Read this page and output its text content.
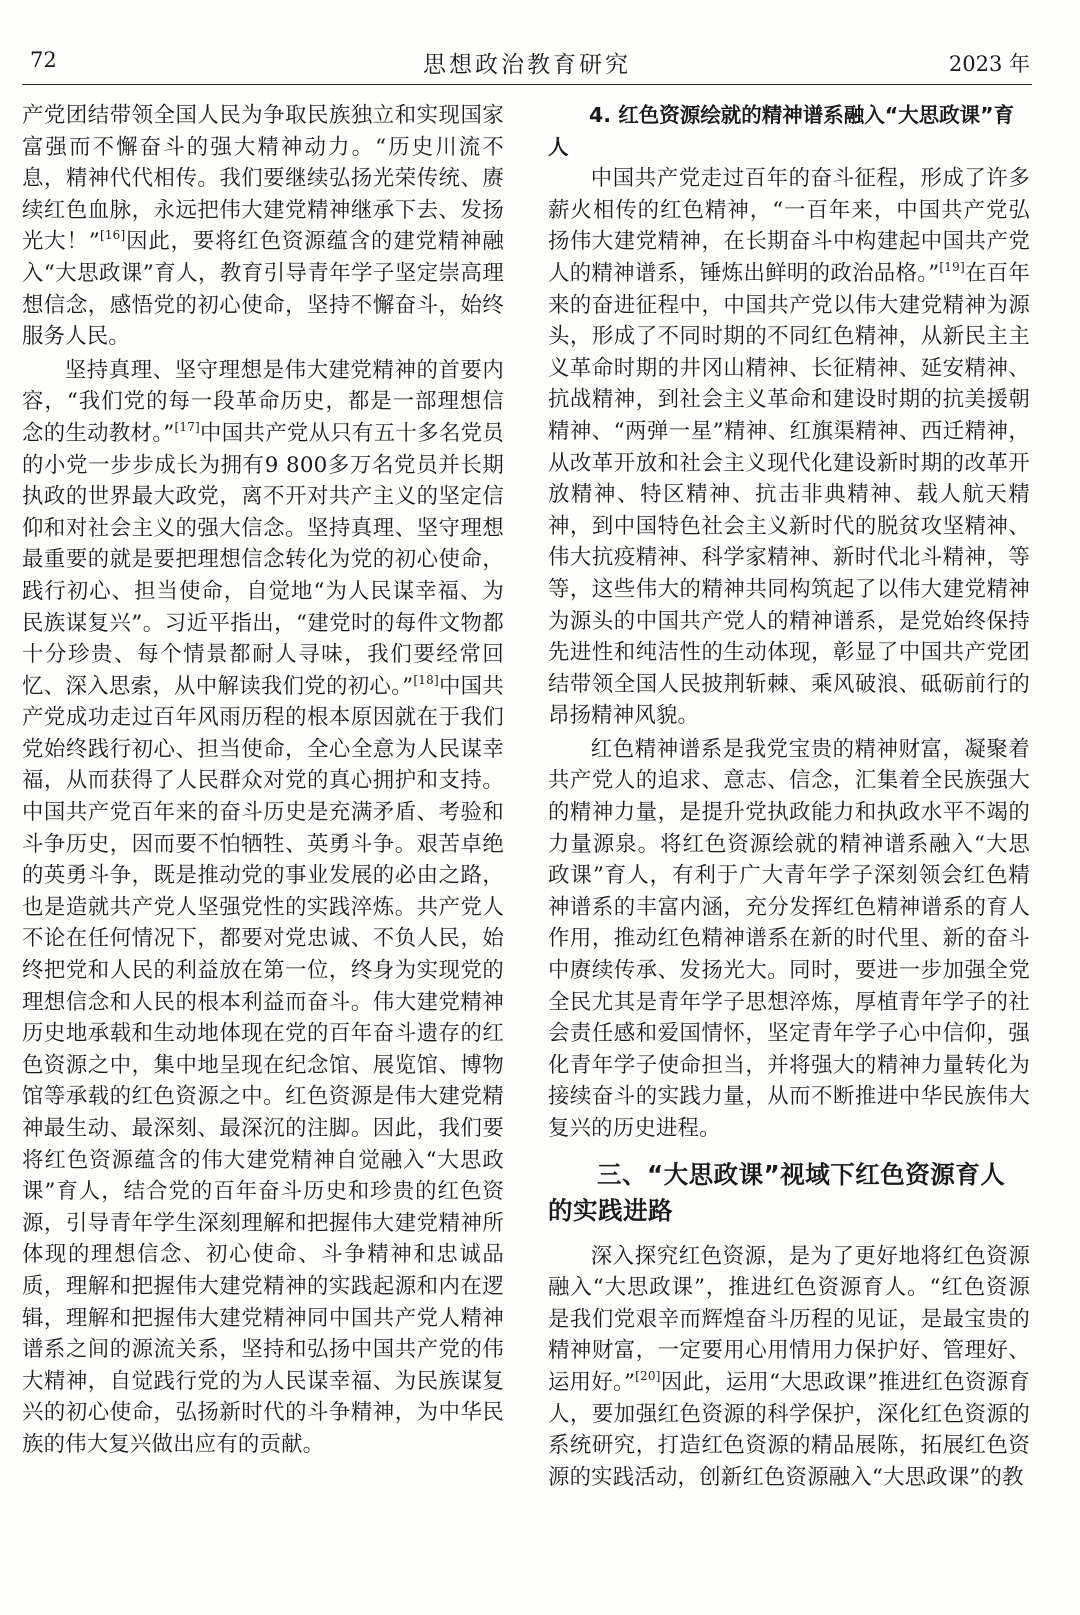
72	思想政治教育研究	2023 年

产党团结带领全国人民为争取民族独立和实现国家富强而不懈奋斗的强大精神动力。“历史川流不息，精神代代相传。我们要继续弘扬光荣传统、赓续红色血脉，永远把伟大建党精神继承下去、发扬光大！”[16]因此，要将红色资源蕴含的建党精神融入“大思政课”育人，教育引导青年学子坚定崇高理想信念，感悟党的初心使命，坚持不懈奋斗，始终服务人民。

坚持真理、坚守理想是伟大建党精神的首要内容，“我们党的每一段革命历史，都是一部理想信念的生动教材。”[17]中国共产党从只有五十多名党员的小党一步步成长为拥有9 800多万名党员并长期执政的世界最大政党，离不开对共产主义的坚定信仰和对社会主义的强大信念。坚持真理、坚守理想最重要的就是要把理想信念转化为党的初心使命，践行初心、担当使命，自觉地“为人民谋幸福、为民族谋复兴”。习近平指出，“建党时的每件文物都十分珍贵、每个情景都耐人寻味，我们要经常回忆、深入思索，从中解读我们党的初心。”[18]中国共产党成功走过百年风雨历程的根本原因就在于我们党始终践行初心、担当使命，全心全意为人民谋幸福，从而获得了人民群众对党的真心拥护和支持。中国共产党百年来的奋斗历史是充满矛盾、考验和斗争历史，因而要不怕牺牲、英勇斗争。艰苦卓绝的英勇斗争，既是推动党的事业发展的必由之路，也是造就共产党人坚强党性的实践淬炼。共产党人不论在任何情况下，都要对党忠诚、不负人民，始终把党和人民的利益放在第一位，终身为实现党的理想信念和人民的根本利益而奋斗。伟大建党精神历史地承载和生动地体现在党的百年奋斗遗存的红色资源之中，集中地呈现在纪念馆、展览馆、博物馆等承载的红色资源之中。红色资源是伟大建党精神最生动、最深刻、最深沉的注脚。因此，我们要将红色资源蕴含的伟大建党精神自觉融入“大思政课”育人，结合党的百年奋斗历史和珍贵的红色资源，引导青年学生深刻理解和把握伟大建党精神所体现的理想信念、初心使命、斗争精神和忠诚品质，理解和把握伟大建党精神的实践起源和内在逻辑，理解和把握伟大建党精神同中国共产党人精神谱系之间的源流关系，坚持和弘扬中国共产党的伟大精神，自觉践行党的为人民谋幸福、为民族谋复兴的初心使命，弘扬新时代的斗争精神，为中华民族的伟大复兴做出应有的贡献。

4. 红色资源绘就的精神谱系融入“大思政课”育人

中国共产党走过百年的奋斗征程，形成了许多薪火相传的红色精神，“一百年来，中国共产党弘扬伟大建党精神，在长期奋斗中构建起中国共产党人的精神谱系，锤炼出鲜明的政治品格。”[19]在百年来的奋进征程中，中国共产党以伟大建党精神为源头，形成了不同时期的不同红色精神，从新民主主义革命时期的井冈山精神、长征精神、延安精神、抗战精神，到社会主义革命和建设时期的抗美援朝精神、“两弹一星”精神、红旗渠精神、西迁精神，从改革开放和社会主义现代化建设新时期的改革开放精神、特区精神、抗击非典精神、载人航天精神，到中国特色社会主义新时代的脱贫攻坚精神、伟大抗疫精神、科学家精神、新时代北斗精神，等等，这些伟大的精神共同构筑起了以伟大建党精神为源头的中国共产党人的精神谱系，是党始终保持先进性和纯洁性的生动体现，彰显了中国共产党团结带领全国人民披荆斩棘、乘风破浪、砥砺前行的昂扬精神风貌。

红色精神谱系是我党宝贵的精神财富，凝聚着共产党人的追求、意志、信念，汇集着全民族强大的精神力量，是提升党执政能力和执政水平不竭的力量源泉。将红色资源绘就的精神谱系融入“大思政课”育人，有利于广大青年学子深刻领会红色精神谱系的丰富内涵，充分发挥红色精神谱系的育人作用，推动红色精神谱系在新的时代里、新的奋斗中赓续传承、发扬光大。同时，要进一步加强全党全民尤其是青年学子思想淬炼，厚植青年学子的社会责任感和爱国情怀，坚定青年学子心中信仰，强化青年学子使命担当，并将强大的精神力量转化为接续奋斗的实践力量，从而不断推进中华民族伟大复兴的历史进程。

三、“大思政课”视域下红色资源育人的实践进路

深入探究红色资源，是为了更好地将红色资源融入“大思政课”，推进红色资源育人。“红色资源是我们党艰辛而辉煌奋斗历程的见证，是最宝贵的精神财富，一定要用心用情用力保护好、管理好、运用好。”[20]因此，运用“大思政课”推进红色资源育人，要加强红色资源的科学保护，深化红色资源的系统研究，打造红色资源的精品展陈，拓展红色资源的实践活动，创新红色资源融入“大思政课”的教
